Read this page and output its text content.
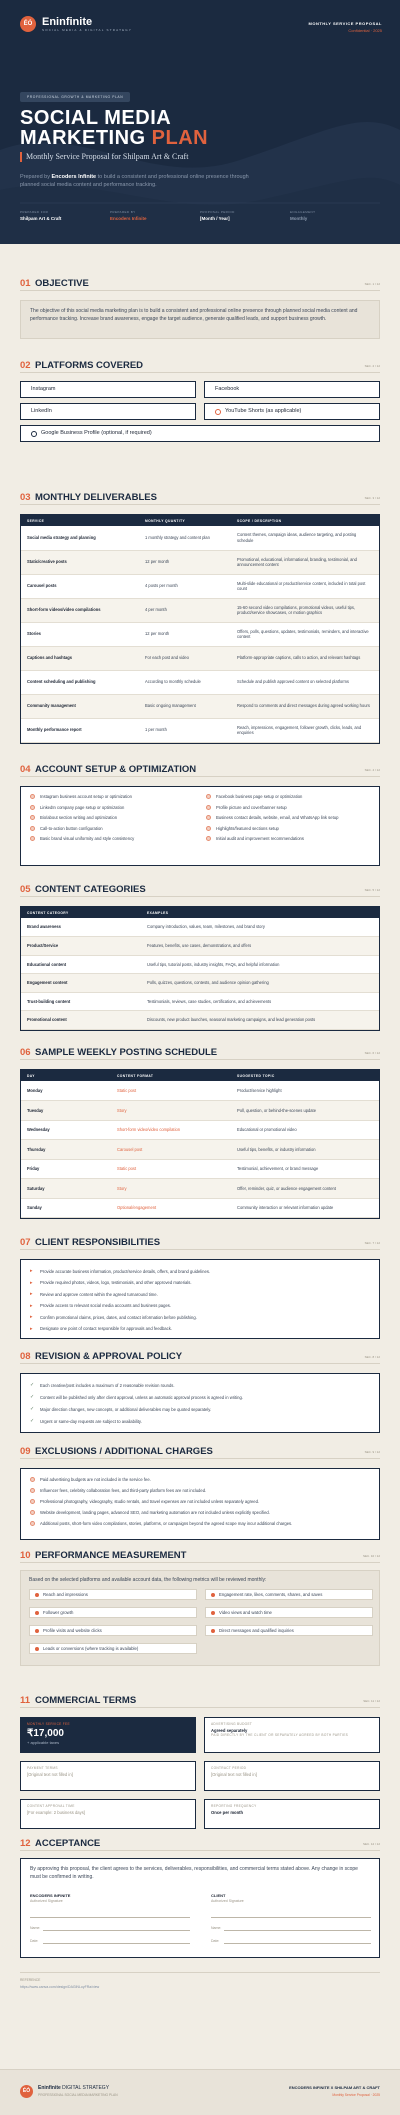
ÉÓ Eninfinite
SOCIAL MEDIA & DIGITAL STRATEGY
MONTHLY SERVICE PROPOSAL
Confidential · 2025
PROFESSIONAL GROWTH & MARKETING PLAN
SOCIAL MEDIA
MARKETING PLAN
Monthly Service Proposal for Shilpam Art & Craft
Prepared by Encoders Infinite to build a consistent and professional online presence through planned social media content and performance tracking.
PREPARED FOR
Shilpam Art & Craft
PREPARED BY
Encoders Infinite
PROPOSAL PERIOD
[Month / Year]
ENGAGEMENT
Monthly
01 OBJECTIVE	SEC. 1 / 12
The objective of this social media marketing plan is to build a consistent and professional online presence through planned social media content and performance tracking. Increase brand awareness, engage the target audience, generate qualified leads, and support business growth.
02 PLATFORMS COVERED	SEC. 2 / 12
Instagram	Facebook
LinkedIn	YouTube Shorts (as applicable)
Google Business Profile (optional, if required)
03 MONTHLY DELIVERABLES	SEC. 3 / 12
SERVICE	MONTHLY QUANTITY	SCOPE / DESCRIPTION
Social media strategy and planning	1 monthly strategy and content plan	Content themes, campaign ideas, audience targeting, and posting schedule
Static/creative posts	12 per month	Promotional, educational, informational, branding, testimonial, and announcement content
Carousel posts	4 posts per month	Multi-slide educational or product/service content, included in total post count
Short-form videos/video compilations	4 per month	15-60 second video compilations, promotional videos, useful tips, product/service showcases, or motion graphics
Stories	12 per month	Offers, polls, questions, updates, testimonials, reminders, and interactive content
Captions and hashtags	For each post and video	Platform-appropriate captions, calls to action, and relevant hashtags
Content scheduling and publishing	According to monthly schedule	Schedule and publish approved content on selected platforms
Community management	Basic ongoing management	Respond to comments and direct messages during agreed working hours
Monthly performance report	1 per month	Reach, impressions, engagement, follower growth, clicks, leads, and enquiries
04 ACCOUNT SETUP & OPTIMIZATION	SEC. 4 / 12
Instagram business account setup or optimization
LinkedIn company page setup or optimization
Bio/about section writing and optimization
Call-to-action button configuration
Basic brand visual uniformity and style consistency
Facebook business page setup or optimization
Profile picture and cover/banner setup
Business contact details, website, email, and WhatsApp link setup
Highlights/featured sections setup
Initial audit and improvement recommendations
05 CONTENT CATEGORIES	SEC. 5 / 12
CONTENT CATEGORY	EXAMPLES
Brand awareness	Company introduction, values, team, milestones, and brand story
Product/Service	Features, benefits, use cases, demonstrations, and offers
Educational content	Useful tips, tutorial posts, industry insights, FAQs, and helpful information
Engagement content	Polls, quizzes, questions, contests, and audience opinion gathering
Trust-building content	Testimonials, reviews, case studies, certifications, and achievements
Promotional content	Discounts, new product launches, seasonal marketing campaigns, and lead generation posts
06 SAMPLE WEEKLY POSTING SCHEDULE	SEC. 6 / 12
DAY	CONTENT FORMAT	SUGGESTED TOPIC
Monday	Static post	Product/service highlight
Tuesday	Story	Poll, question, or behind-the-scenes update
Wednesday	Short-form video/video compilation	Educational or promotional video
Thursday	Carousel post	Useful tips, benefits, or industry information
Friday	Static post	Testimonial, achievement, or brand message
Saturday	Story	Offer, reminder, quiz, or audience engagement content
Sunday	Optional/engagement	Community interaction or relevant information update
07 CLIENT RESPONSIBILITIES	SEC. 7 / 12
▸	Provide accurate business information, product/service details, offers, and brand guidelines.
▸	Provide required photos, videos, logo, testimonials, and other approved materials.
▸	Review and approve content within the agreed turnaround time.
▸	Provide access to relevant social media accounts and business pages.
▸	Confirm promotional claims, prices, dates, and contact information before publishing.
▸	Designate one point of contact responsible for approvals and feedback.
08 REVISION & APPROVAL POLICY	SEC. 8 / 12
✓ Each creative/post includes a maximum of 2 reasonable revision rounds.
✓ Content will be published only after client approval, unless an automatic approval process is agreed in writing.
✓ Major direction changes, new concepts, or additional deliverables may be quoted separately.
✓ Urgent or same-day requests are subject to availability.
09 EXCLUSIONS / ADDITIONAL CHARGES	SEC. 9 / 12
Paid advertising budgets are not included in the service fee.
Influencer fees, celebrity collaboration fees, and third-party platform fees are not included.
Professional photography, videography, studio rentals, and travel expenses are not included unless separately agreed.
Website development, landing pages, advanced SEO, and marketing automation are not included unless explicitly specified.
Additional posts, short-form video compilations, stories, platforms, or campaigns beyond the agreed scope may incur additional charges.
10 PERFORMANCE MEASUREMENT	SEC. 10 / 12
Based on the selected platforms and available account data, the following metrics will be reviewed monthly:
Reach and impressions	Engagement rate, likes, comments, shares, and saves
Follower growth	Video views and watch time
Profile visits and website clicks	Direct messages and qualified inquiries
Leads or conversions (where tracking is available)
11 COMMERCIAL TERMS	SEC. 11 / 12
MONTHLY SERVICE FEE
₹17,000
+ applicable taxes
ADVERTISING BUDGET
Agreed separately
PAID DIRECTLY BY THE CLIENT OR SEPARATELY AGREED BY BOTH PARTIES
PAYMENT TERMS
[Original text not filled in]
CONTRACT PERIOD
[Original text not filled in]
CONTENT APPROVAL TIME
[For example: 2 business days]
REPORTING FREQUENCY
Once per month
12 ACCEPTANCE	SEC. 12 / 12
By approving this proposal, the client agrees to the services, deliverables, responsibilities, and commercial terms stated above. Any change in scope must be confirmed in writing.
ENCODERS INFINITE
Authorized Signature
CLIENT
Authorized Signature
Name:	Name:
Date:	Date:
REFERENCE
https://www.canva.com/design/DAGlNLoyFRa/view
ÉÓ	Eninfinite DIGITAL STRATEGY
PROFESSIONAL SOCIAL MEDIA MARKETING PLAN
ENCODERS INFINITE X SHILPAM ART & CRAFT
Monthly Service Proposal · 2025
